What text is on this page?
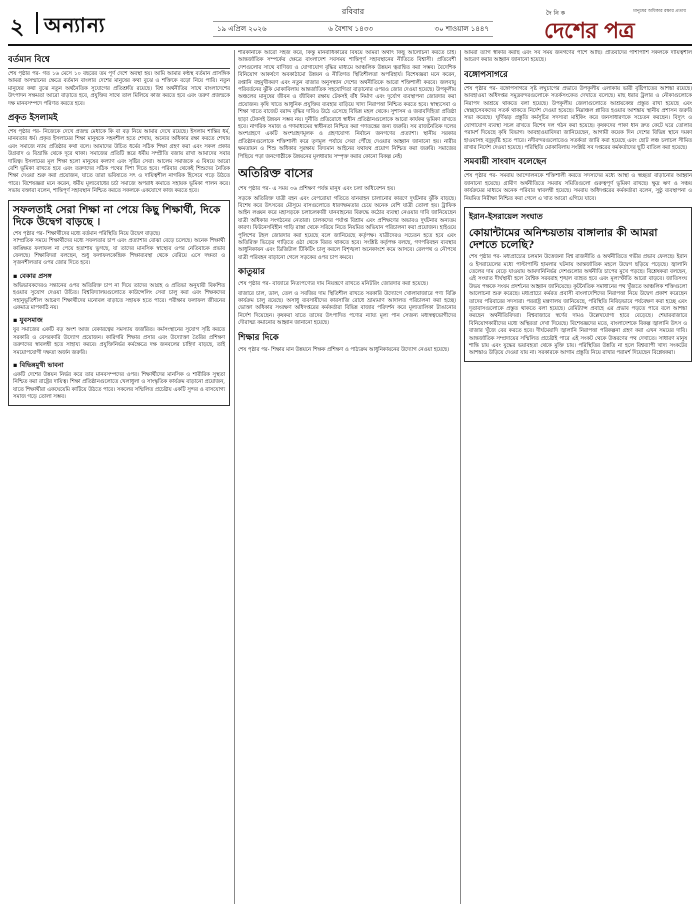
২ অন্যান্য
রবিবার
১৯ এপ্রিল ২০২৬	৬ বৈশাখ ১৪৩৩	৩০ শাওয়াল ১৪৪৭
দৈ নি ক
দেশের পত্র
মানুষের অধিকার রক্ষার প্রত্যয়
বর্তমান বিশ্বে

শেষ পৃষ্ঠার পর- গত ১৬ মেসে ১০ বছরের তম পূর্ণ দেশে অবস্থা হয়। আমি আমার কন্ঠস্থ বর্তমান প্রাসঙ্গিক আমরা অসম্মানের ক্ষেত্রে বর্তমান বাংলার দেশের মানুষের কথা বুঝে ও শক্তিকে বড়ো নিয়ে পারি। নতুন মানুষের কথা বুঝে নতুন অর্থনৈতিক সুযোগের প্রতিশ্রুতি রয়েছে। বিশ্ব অর্থনীতির সাথে বাংলাদেশের উৎপাদন সক্ষমতা আরো বাড়াতে হবে, প্রযুক্তির সাথে তাল মিলিয়ে কাজ করতে হবে এবং তরুণ প্রজন্মকে দক্ষ মানবসম্পদে পরিণত করতে হবে।

প্রকৃত ইসলামই

শেষ পৃষ্ঠার পর- নিজেকে দেখে প্রজন্ম মেধাকে কি বা বড় নিয়ে আমার দেখে রয়েছে। ইসলাম শান্তির ধর্ম, মানবতার ধর্ম। প্রকৃত ইসলামের শিক্ষা মানুষকে সহনশীল হতে শেখায়, অন্যের অধিকার রক্ষা করতে শেখায় এবং সমাজে ন্যায় প্রতিষ্ঠার কথা বলে। আমাদের উচিত ধর্মের সঠিক শিক্ষা গ্রহণ করা এবং সকল প্রকার উগ্রবাদ ও বিভ্রান্তি থেকে দূরে থাকা। সমাজের প্রতিটি স্তরে ধর্মীয় সম্প্রীতি বজায় রাখা আমাদের সবার দায়িত্ব। ইসলামের মূল শিক্ষা হলো মানুষের কল্যাণ এবং সৃষ্টির সেবা। আলেম সমাজকে এ বিষয়ে আরো বেশি ভূমিকা রাখতে হবে এবং তরুণদের সঠিক পথের দিশা দিতে হবে। পরিবার থেকেই শিশুদের নৈতিক শিক্ষা দেওয়া শুরু করা প্রয়োজন, যাতে তারা ভবিষ্যতে সৎ ও দায়িত্বশীল নাগরিক হিসেবে গড়ে উঠতে পারে। বিশেষজ্ঞরা মনে করেন, ধর্মীয় মূল্যবোধের চর্চা সমাজে অপরাধ কমাতে সহায়ক ভূমিকা পালন করে। সভায় বক্তারা বলেন, শান্তিপূর্ণ সহাবস্থান নিশ্চিত করতে সকলকে একযোগে কাজ করতে হবে।

সফলতাই সেরা শিক্ষা না পেয়ে কিছু শিক্ষার্থী, দিকে দিকে উদ্বেগ বাড়ছে ।

শেষ পৃষ্ঠার পর- শিক্ষার্থীদের মধ্যে বর্তমান পরিস্থিতি নিয়ে উদ্বেগ বাড়ছে।

সাম্প্রতিক সময়ে শিক্ষার্থীদের মধ্যে সফলতার চাপ এবং প্রত্যাশার বোঝা বেড়ে চলেছে। অনেক শিক্ষার্থী কাঙ্ক্ষিত ফলাফল না পেয়ে হতাশায় ভুগছে, যা তাদের মানসিক স্বাস্থ্যের ওপর নেতিবাচক প্রভাব ফেলছে। শিক্ষাবিদরা বলছেন, শুধু ফলাফলকেন্দ্রিক শিক্ষাব্যবস্থা থেকে বেরিয়ে এসে দক্ষতা ও সৃজনশীলতার ওপর জোর দিতে হবে।

▪ বেকার প্রসঙ্গ

অভিভাবকদেরও সন্তানের ওপর অতিরিক্ত চাপ না দিয়ে তাদের আগ্রহ ও প্রতিভা অনুযায়ী বিকশিত হওয়ার সুযোগ দেওয়া উচিত। বিশ্ববিদ্যালয়গুলোতে কাউন্সেলিং সেবা চালু করা এবং শিক্ষকদের সহানুভূতিশীল আচরণ শিক্ষার্থীদের মনোবল বাড়াতে সহায়ক হতে পারে। পরীক্ষার ফলাফল জীবনের একমাত্র মাপকাঠি নয়।

▪ যুবসমাজ

যুব সমাজের একটি বড় অংশ আজ বেকারত্বের সমস্যায় জর্জরিত। কর্মসংস্থানের সুযোগ সৃষ্টি করতে সরকারি ও বেসরকারি উদ্যোগ প্রয়োজন। কারিগরি শিক্ষার প্রসার এবং উদ্যোক্তা তৈরির প্রশিক্ষণ তরুণদের স্বাবলম্বী হতে সাহায্য করবে। প্রযুক্তিনির্ভর কর্মক্ষেত্রে দক্ষ জনবলের চাহিদা বাড়ছে, তাই সময়োপযোগী দক্ষতা অর্জন জরুরি।

▪ বিভিন্নমুখী ভাবনা

একটি দেশের উন্নয়ন নির্ভর করে তার মানবসম্পদের ওপর। শিক্ষার্থীদের মানসিক ও শারীরিক সুস্থতা নিশ্চিত করা রাষ্ট্রের দায়িত্ব। শিক্ষা প্রতিষ্ঠানগুলোতে খেলাধুলা ও সাংস্কৃতিক কার্যক্রম বাড়ানো প্রয়োজন, যাতে শিক্ষার্থীরা একঘেয়েমি কাটিয়ে উঠতে পারে। সকলের সম্মিলিত প্রচেষ্টায় একটি সুন্দর ও বাসযোগ্য সমাজ গড়ে তোলা সম্ভব।

শরিকানাকে আরো সহজ করে, কিন্তু মানবাধিকারের বিষয়ে আমরা অর্থাৎ কিছু আলোচনা করতে চাই। আন্তর্জাতিক সম্পর্কের ক্ষেত্রে বাংলাদেশ সবসময় শান্তিপূর্ণ সহাবস্থানের নীতিতে বিশ্বাসী। প্রতিবেশী দেশগুলোর সাথে বাণিজ্য ও যোগাযোগ বৃদ্ধির মাধ্যমে আঞ্চলিক উন্নয়ন ত্বরান্বিত করা সম্ভব। বৈদেশিক বিনিয়োগ আকর্ষণে অবকাঠামো উন্নয়ন ও নীতিগত স্থিতিশীলতা অপরিহার্য। বিশেষজ্ঞরা মনে করেন, রপ্তানি বহুমুখীকরণ এবং নতুন বাজার অনুসন্ধান দেশের অর্থনীতিকে আরো শক্তিশালী করবে। জলবায়ু পরিবর্তনের ঝুঁকি মোকাবিলায় আন্তর্জাতিক সহযোগিতা বাড়ানোর ওপরও জোর দেওয়া হয়েছে। উপকূলীয় অঞ্চলের মানুষের জীবন ও জীবিকা রক্ষায় টেকসই বাঁধ নির্মাণ এবং দুর্যোগ ব্যবস্থাপনা জোরদার করা প্রয়োজন। কৃষি খাতে আধুনিক প্রযুক্তির ব্যবহার বাড়িয়ে খাদ্য নিরাপত্তা নিশ্চিত করতে হবে। স্বাস্থ্যসেবা ও শিক্ষা খাতে বাজেট বরাদ্দ বৃদ্ধির দাবিও উঠে এসেছে বিভিন্ন মহল থেকে। সুশাসন ও জবাবদিহিতা প্রতিষ্ঠা ছাড়া টেকসই উন্নয়ন সম্ভব নয়। দুর্নীতি প্রতিরোধে স্বাধীন প্রতিষ্ঠানগুলোকে আরো কার্যকর ভূমিকা রাখতে হবে। নাগরিক সমাজ ও গণমাধ্যমের স্বাধীনতা নিশ্চিত করা গণতন্ত্রের জন্য জরুরি। সব রাজনৈতিক দলের অংশগ্রহণে একটি অংশগ্রহণমূলক ও গ্রহণযোগ্য নির্বাচন জনগণের প্রত্যাশা। স্থানীয় সরকার প্রতিষ্ঠানগুলোকে শক্তিশালী করে তৃণমূল পর্যায়ে সেবা পৌঁছে দেওয়ার আহ্বান জানানো হয়। নারীর ক্ষমতায়ন ও শিশু অধিকার সুরক্ষায় বিদ্যমান আইনের যথাযথ প্রয়োগ নিশ্চিত করা জরুরি। সমাজের পিছিয়ে পড়া জনগোষ্ঠীকে উন্নয়নের মূলধারায় সম্পৃক্ত করার কোনো বিকল্প নেই।

অতিরিক্ত বাসের

শেষ পৃষ্ঠার পর- এ সময় ৩৬ প্রশিক্ষণ পর্যন্ত মানুষ এবং চলা অধিবেশন হয়।

সড়কে অতিরিক্ত যাত্রী বহন এবং বেপরোয়া গতিতে যানবাহন চালানোর কারণে দুর্ঘটনার ঝুঁকি বাড়ছে। বিশেষ করে উৎসবের মৌসুমে বাসগুলোতে ধারণক্ষমতার চেয়ে অনেক বেশি যাত্রী তোলা হয়। ট্রাফিক আইন লঙ্ঘন করে মহাসড়কে চলাচলকারী যানবাহনের বিরুদ্ধে কঠোর ব্যবস্থা নেওয়ার দাবি জানিয়েছেন যাত্রী অধিকার সংগঠনের নেতারা। চালকদের পর্যাপ্ত বিশ্রাম এবং প্রশিক্ষণের অভাবও দুর্ঘটনার অন্যতম কারণ। ফিটনেসবিহীন গাড়ি রাস্তা থেকে সরিয়ে নিতে নিয়মিত অভিযান পরিচালনা করা প্রয়োজন। হাইওয়ে পুলিশের টহল জোরদার করা হয়েছে বলে জানিয়েছে কর্তৃপক্ষ। যাত্রীদেরও সচেতন হতে হবে এবং অতিরিক্ত ভিড়ের গাড়িতে ওঠা থেকে বিরত থাকতে হবে। সংশ্লিষ্ট কর্তৃপক্ষ বলছে, গণপরিবহন ব্যবস্থার আধুনিকায়ন এবং ডিজিটাল টিকিটিং চালু করলে বিশৃঙ্খলা অনেকাংশে কমে আসবে। রেলপথ ও নৌপথে যাত্রী পরিবহন বাড়ানো গেলে সড়কের ওপর চাপ কমবে।

কাতুয়ার

শেষ পৃষ্ঠার পর- বাজারে নিত্যপণ্যের দাম নিয়ন্ত্রণে রাখতে মনিটরিং জোরদার করা হয়েছে।

বাজারে চাল, ডাল, তেল ও সবজির দাম স্থিতিশীল রাখতে সরকারি উদ্যোগে খোলাবাজারে পণ্য বিক্রি কার্যক্রম চালু রয়েছে। অসাধু ব্যবসায়ীদের কারসাজি রোধে ভ্রাম্যমাণ আদালত পরিচালনা করা হচ্ছে। ভোক্তা অধিকার সংরক্ষণ অধিদপ্তরের কর্মকর্তারা বিভিন্ন বাজার পরিদর্শন করে মূল্যতালিকা টাঙানোর নির্দেশ দিয়েছেন। কৃষকরা যাতে তাদের উৎপাদিত পণ্যের ন্যায্য মূল্য পান সেজন্য মধ্যস্বত্বভোগীদের দৌরাত্ম্য কমানোর আহ্বান জানানো হয়েছে।

শিক্ষার দিকে

শেষ পৃষ্ঠার পর- শিক্ষার মান উন্নয়নে শিক্ষক প্রশিক্ষণ ও পাঠ্যক্রম আধুনিকায়নের উদ্যোগ নেওয়া হয়েছে।

আমরা ত্যাগ স্বীকার করছি এবং সব সময় জনগণের পাশে আছি। প্রতিবাদের পাশাপাশি সকলকে দায়িত্বশীল আচরণ করার আহ্বান জানানো হয়েছে।

বঙ্গোপসাগরে

শেষ পৃষ্ঠার পর- বঙ্গোপসাগরে সৃষ্ট লঘুচাপের প্রভাবে উপকূলীয় এলাকায় ভারী বৃষ্টিপাতের আশঙ্কা রয়েছে। আবহাওয়া অধিদপ্তর সমুদ্রবন্দরগুলোকে সতর্কসংকেত দেখাতে বলেছে। মাছ ধরার ট্রলার ও নৌকাগুলোকে নিরাপদ আশ্রয়ে থাকতে বলা হয়েছে। উপকূলীয় জেলাগুলোতে আশ্রয়কেন্দ্র প্রস্তুত রাখা হয়েছে এবং স্বেচ্ছাসেবকদের সতর্ক থাকতে নির্দেশ দেওয়া হয়েছে। নিম্নাঞ্চল প্লাবিত হওয়ার আশঙ্কায় স্থানীয় প্রশাসন জরুরি সভা করেছে। ঘূর্ণিঝড় প্রস্তুতি কর্মসূচির সদস্যরা মাইকিং করে জনসাধারণকে সচেতন করছেন। বিদ্যুৎ ও যোগাযোগ ব্যবস্থা সচল রাখতে বিশেষ দল গঠন করা হয়েছে। কৃষকদের পাকা ধান দ্রুত কেটে ঘরে তোলার পরামর্শ দিয়েছে কৃষি বিভাগ। আবহাওয়াবিদরা জানিয়েছেন, আগামী কয়েক দিন দেশের বিভিন্ন স্থানে দমকা হাওয়াসহ বজ্রবৃষ্টি হতে পারে। নদীবন্দরগুলোতেও সতর্কতা জারি করা হয়েছে এবং ছোট লঞ্চ চলাচল সীমিত রাখার নির্দেশ দেওয়া হয়েছে। পরিস্থিতি মোকাবিলায় সংশ্লিষ্ট সব দপ্তরের কর্মকর্তাদের ছুটি বাতিল করা হয়েছে।

সমবায়ী সাংবাদ বলেছেন

শেষ পৃষ্ঠার পর- সমবায় আন্দোলনকে শক্তিশালী করতে সদস্যদের মধ্যে আস্থা ও স্বচ্ছতা বাড়ানোর আহ্বান জানানো হয়েছে। গ্রামীণ অর্থনীতিতে সমবায় সমিতিগুলো গুরুত্বপূর্ণ ভূমিকা রাখছে। ক্ষুদ্র ঋণ ও সঞ্চয় কার্যক্রমের মাধ্যমে অনেক পরিবার স্বাবলম্বী হয়েছে। সমবায় অধিদপ্তরের কর্মকর্তারা বলেন, সুষ্ঠু ব্যবস্থাপনা ও নিয়মিত নিরীক্ষা নিশ্চিত করা গেলে এ খাত আরো এগিয়ে যাবে।

ইরান-ইসরায়েল সংঘাত
কোয়ান্টামের অনিশ্চয়তায় বাঙ্গালার কী আমরা দেশতে চলেছি?

শেষ পৃষ্ঠার পর- মধ্যপ্রাচ্যের চলমান উত্তেজনা বিশ্ব রাজনীতি ও অর্থনীতিতে গভীর প্রভাব ফেলছে। ইরান ও ইসরায়েলের মধ্যে পাল্টাপাল্টি হামলার ঘটনায় আন্তর্জাতিক মহলে উদ্বেগ ছড়িয়ে পড়েছে। জ্বালানি তেলের দাম বেড়ে যাওয়ায় আমদানিনির্ভর দেশগুলোর অর্থনীতি চাপের মুখে পড়ছে। বিশ্লেষকরা বলছেন, এই সংঘাত দীর্ঘস্থায়ী হলে বৈশ্বিক সরবরাহ শৃঙ্খল ব্যাহত হবে এবং মূল্যস্ফীতি আরো বাড়বে। জাতিসংঘ উভয় পক্ষকে সংযম প্রদর্শনের আহ্বান জানিয়েছে। কূটনৈতিক সমাধানের পথ খুঁজতে আঞ্চলিক শক্তিগুলো আলোচনা শুরু করেছে। মধ্যপ্রাচ্যে কর্মরত প্রবাসী বাংলাদেশিদের নিরাপত্তা নিয়ে উদ্বেগ প্রকাশ করেছেন তাদের পরিবারের সদস্যরা। পররাষ্ট্র মন্ত্রণালয় জানিয়েছে, পরিস্থিতি নিবিড়ভাবে পর্যবেক্ষণ করা হচ্ছে এবং দূতাবাসগুলোকে প্রস্তুত থাকতে বলা হয়েছে। রেমিট্যান্স প্রবাহে এর প্রভাব পড়তে পারে বলে আশঙ্কা করছেন অর্থনীতিবিদরা। বিশ্ববাজারে স্বর্ণের দামও উল্লেখযোগ্য হারে বেড়েছে। শেয়ারবাজারে বিনিয়োগকারীদের মধ্যে অস্থিরতা দেখা দিয়েছে। বিশেষজ্ঞদের মতে, বাংলাদেশকে বিকল্প জ্বালানি উৎস ও বাজার খুঁজে বের করতে হবে। দীর্ঘমেয়াদি জ্বালানি নিরাপত্তা পরিকল্পনা গ্রহণ করা এখন সময়ের দাবি। আন্তর্জাতিক সম্প্রদায়ের সম্মিলিত প্রচেষ্টাই পারে এই সংকট থেকে উত্তরণের পথ দেখাতে। সাধারণ মানুষ শান্তি চায় এবং যুদ্ধের ভয়াবহতা থেকে মুক্তি চায়। পরিস্থিতির উন্নতি না হলে বিশ্বব্যাপী খাদ্য সংকটের আশঙ্কাও উড়িয়ে দেওয়া যায় না। সরকারকে আগাম প্রস্তুতি নিয়ে রাখার পরামর্শ দিয়েছেন বিশ্লেষকরা।
